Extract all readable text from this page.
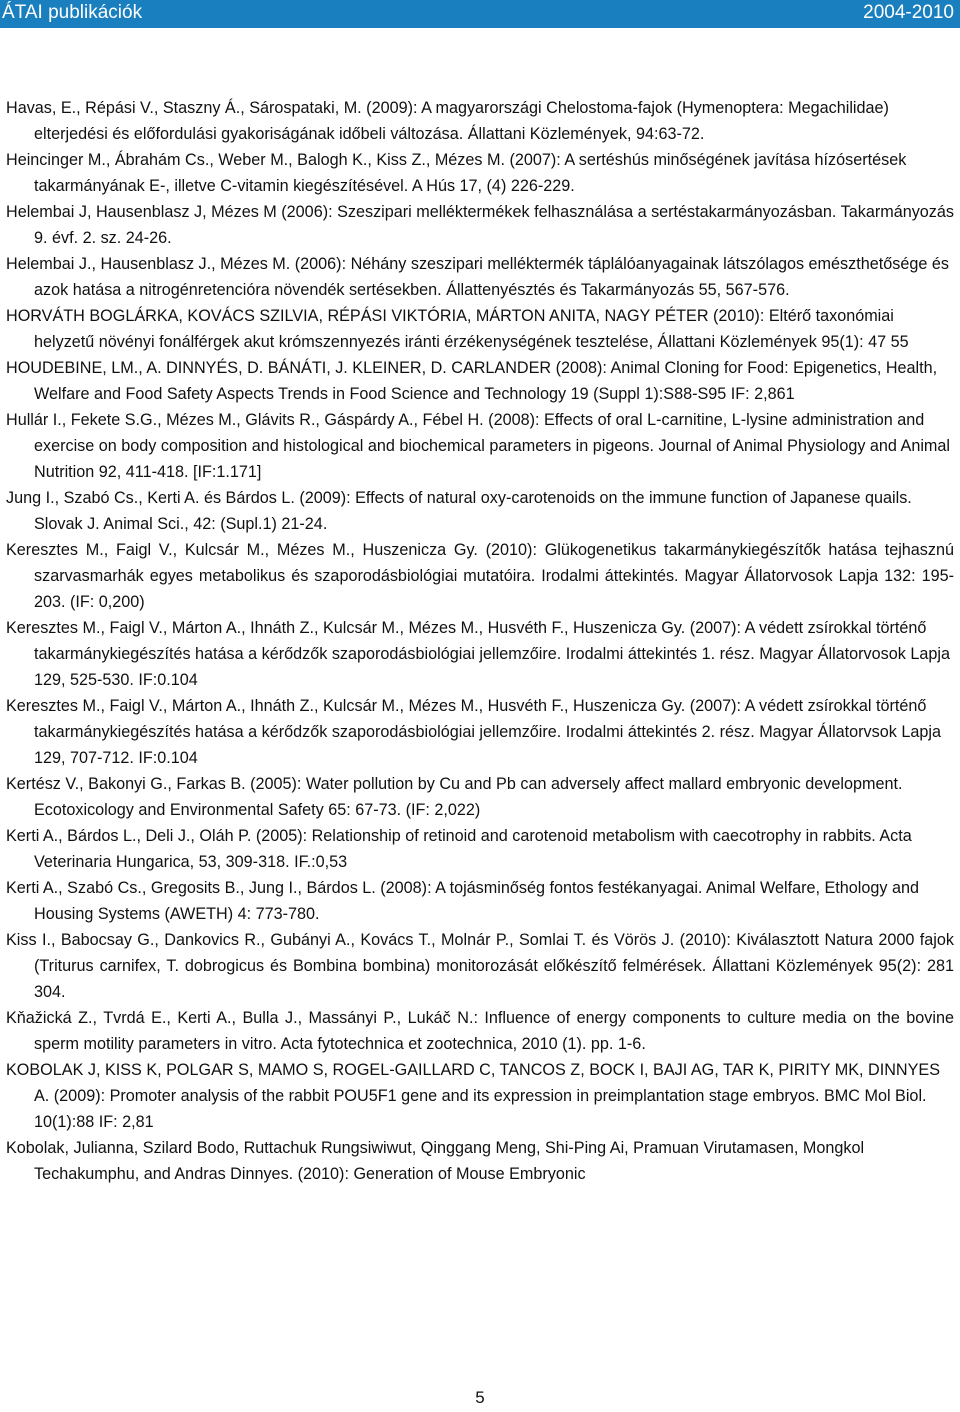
ÁTAI publikációk	2004-2010

Havas, E., Répási V., Staszny Á., Sárospataki, M. (2009): A magyarországi Chelostoma-fajok (Hymenoptera: Megachilidae) elterjedési és előfordulási gyakoriságának időbeli változása. Állattani Közlemények, 94:63-72.

Heincinger M., Ábrahám Cs., Weber M., Balogh K., Kiss Z., Mézes M. (2007): A sertéshús minőségének javítása hízósertések takarmányának E-, illetve C-vitamin kiegészítésével. A Hús 17, (4) 226-229.

Helembai J, Hausenblasz J, Mézes M (2006): Szeszipari melléktermékek felhasználása a sertéstakarmányozásban. Takarmányozás 9. évf. 2. sz. 24-26.

Helembai J., Hausenblasz J., Mézes M. (2006): Néhány szeszipari melléktermék táplálóanyagainak látszólagos emészthetősége és azok hatása a nitrogénretencióra növendék sertésekben. Állattenyésztés és Takarmányozás 55, 567-576.

HORVÁTH BOGLÁRKA, KOVÁCS SZILVIA, RÉPÁSI VIKTÓRIA, MÁRTON ANITA, NAGY PÉTER (2010): Eltérő taxonómiai helyzetű növényi fonálférgek akut krómszennyezés iránti érzékenységének tesztelése, Állattani Közlemények 95(1): 47 55

HOUDEBINE, LM., A. DINNYÉS, D. BÁNÁTI, J. KLEINER, D. CARLANDER (2008): Animal Cloning for Food: Epigenetics, Health, Welfare and Food Safety Aspects Trends in Food Science and Technology 19 (Suppl 1):S88-S95 IF: 2,861

Hullár I., Fekete S.G., Mézes M., Glávits R., Gáspárdy A., Fébel H. (2008): Effects of oral L-carnitine, L-lysine administration and exercise on body composition and histological and biochemical parameters in pigeons. Journal of Animal Physiology and Animal Nutrition 92, 411-418. [IF:1.171]

Jung I., Szabó Cs., Kerti A. és Bárdos L. (2009): Effects of natural oxy-carotenoids on the immune function of Japanese quails. Slovak J. Animal Sci., 42: (Supl.1) 21-24.

Keresztes M., Faigl V., Kulcsár M., Mézes M., Huszenicza Gy. (2010): Glükogenetikus takarmánykiegészítők hatása tejhasznú szarvasmarhák egyes metabolikus és szaporodásbiológiai mutatóira. Irodalmi áttekintés. Magyar Állatorvosok Lapja 132: 195-203. (IF: 0,200)

Keresztes M., Faigl V., Márton A., Ihnáth Z., Kulcsár M., Mézes M., Husvéth F., Huszenicza Gy. (2007): A védett zsírokkal történő takarmánykiegészítés hatása a kérődzők szaporodásbiológiai jellemzőire. Irodalmi áttekintés 1. rész. Magyar Állatorvosok Lapja 129, 525-530. IF:0.104

Keresztes M., Faigl V., Márton A., Ihnáth Z., Kulcsár M., Mézes M., Husvéth F., Huszenicza Gy. (2007): A védett zsírokkal történő takarmánykiegészítés hatása a kérődzők szaporodásbiológiai jellemzőire. Irodalmi áttekintés 2. rész. Magyar Állatorvsok Lapja 129, 707-712. IF:0.104

Kertész V., Bakonyi G., Farkas B. (2005): Water pollution by Cu and Pb can adversely affect mallard embryonic development. Ecotoxicology and Environmental Safety 65: 67-73. (IF: 2,022)

Kerti A., Bárdos L., Deli J., Oláh P. (2005): Relationship of retinoid and carotenoid metabolism with caecotrophy in rabbits. Acta Veterinaria Hungarica, 53, 309-318. IF.:0,53

Kerti A., Szabó Cs., Gregosits B., Jung I., Bárdos L. (2008): A tojásminőség fontos festékanyagai. Animal Welfare, Ethology and Housing Systems (AWETH) 4: 773-780.

Kiss I., Babocsay G., Dankovics R., Gubányi A., Kovács T., Molnár P., Somlai T. és Vörös J. (2010): Kiválasztott Natura 2000 fajok (Triturus carnifex, T. dobrogicus és Bombina bombina) monitorozását előkészítő felmérések. Állattani Közlemények 95(2): 281 304.

Kňažická Z., Tvrdá E., Kerti A., Bulla J., Massányi P., Lukáč N.: Influence of energy components to culture media on the bovine sperm motility parameters in vitro. Acta fytotechnica et zootechnica, 2010 (1). pp. 1-6.

KOBOLAK J, KISS K, POLGAR S, MAMO S, ROGEL-GAILLARD C, TANCOS Z, BOCK I, BAJI AG, TAR K, PIRITY MK, DINNYES A. (2009): Promoter analysis of the rabbit POU5F1 gene and its expression in preimplantation stage embryos. BMC Mol Biol. 10(1):88 IF: 2,81

Kobolak, Julianna, Szilard Bodo, Ruttachuk Rungsiwiwut, Qinggang Meng, Shi-Ping Ai, Pramuan Virutamasen, Mongkol Techakumphu, and Andras Dinnyes. (2010): Generation of Mouse Embryonic

5
